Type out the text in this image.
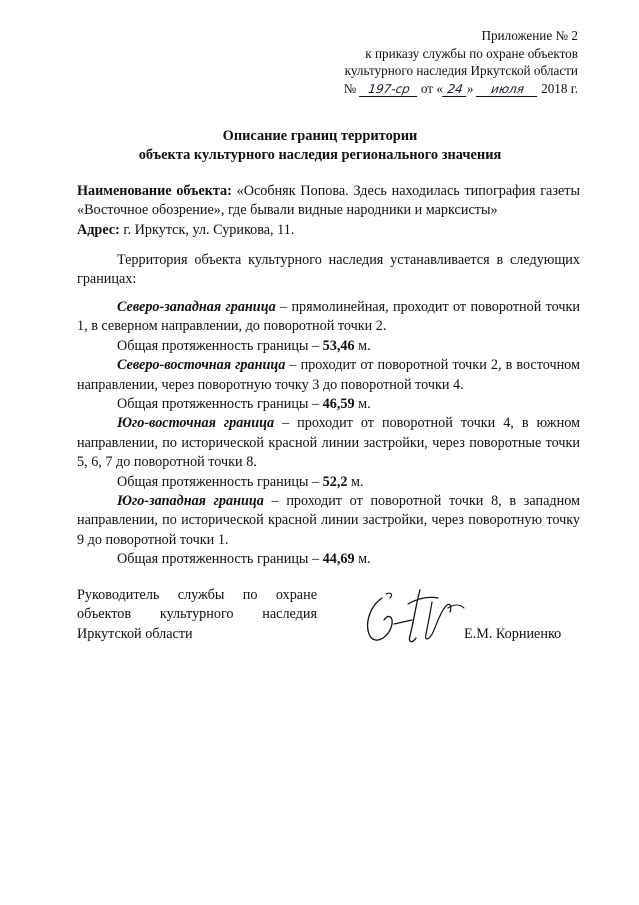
Приложение № 2
к приказу службы по охране объектов
культурного наследия Иркутской области
№ 197-ср от « 24 » июля 2018 г.
Описание границ территории
объекта культурного наследия регионального значения

Наименование объекта: «Особняк Попова. Здесь находилась типография газеты «Восточное обозрение», где бывали видные народники и марксисты»

Адрес: г. Иркутск, ул. Сурикова, 11.

Территория объекта культурного наследия устанавливается в следующих границах:

Северо-западная граница – прямолинейная, проходит от поворотной точки 1, в северном направлении, до поворотной точки 2.

Общая протяженность границы – 53,46 м.

Северо-восточная граница – проходит от поворотной точки 2, в восточном направлении, через поворотную точку 3 до поворотной точки 4.

Общая протяженность границы – 46,59 м.

Юго-восточная граница – проходит от поворотной точки 4, в южном направлении, по исторической красной линии застройки, через поворотные точки 5, 6, 7 до поворотной точки 8.

Общая протяженность границы – 52,2 м.

Юго-западная граница – проходит от поворотной точки 8, в западном направлении, по исторической красной линии застройки, через поворотную точку 9 до поворотной точки 1.

Общая протяженность границы – 44,69 м.

Руководитель службы по охране
объектов культурного наследия
Иркутской области	Е.М. Корниенко
